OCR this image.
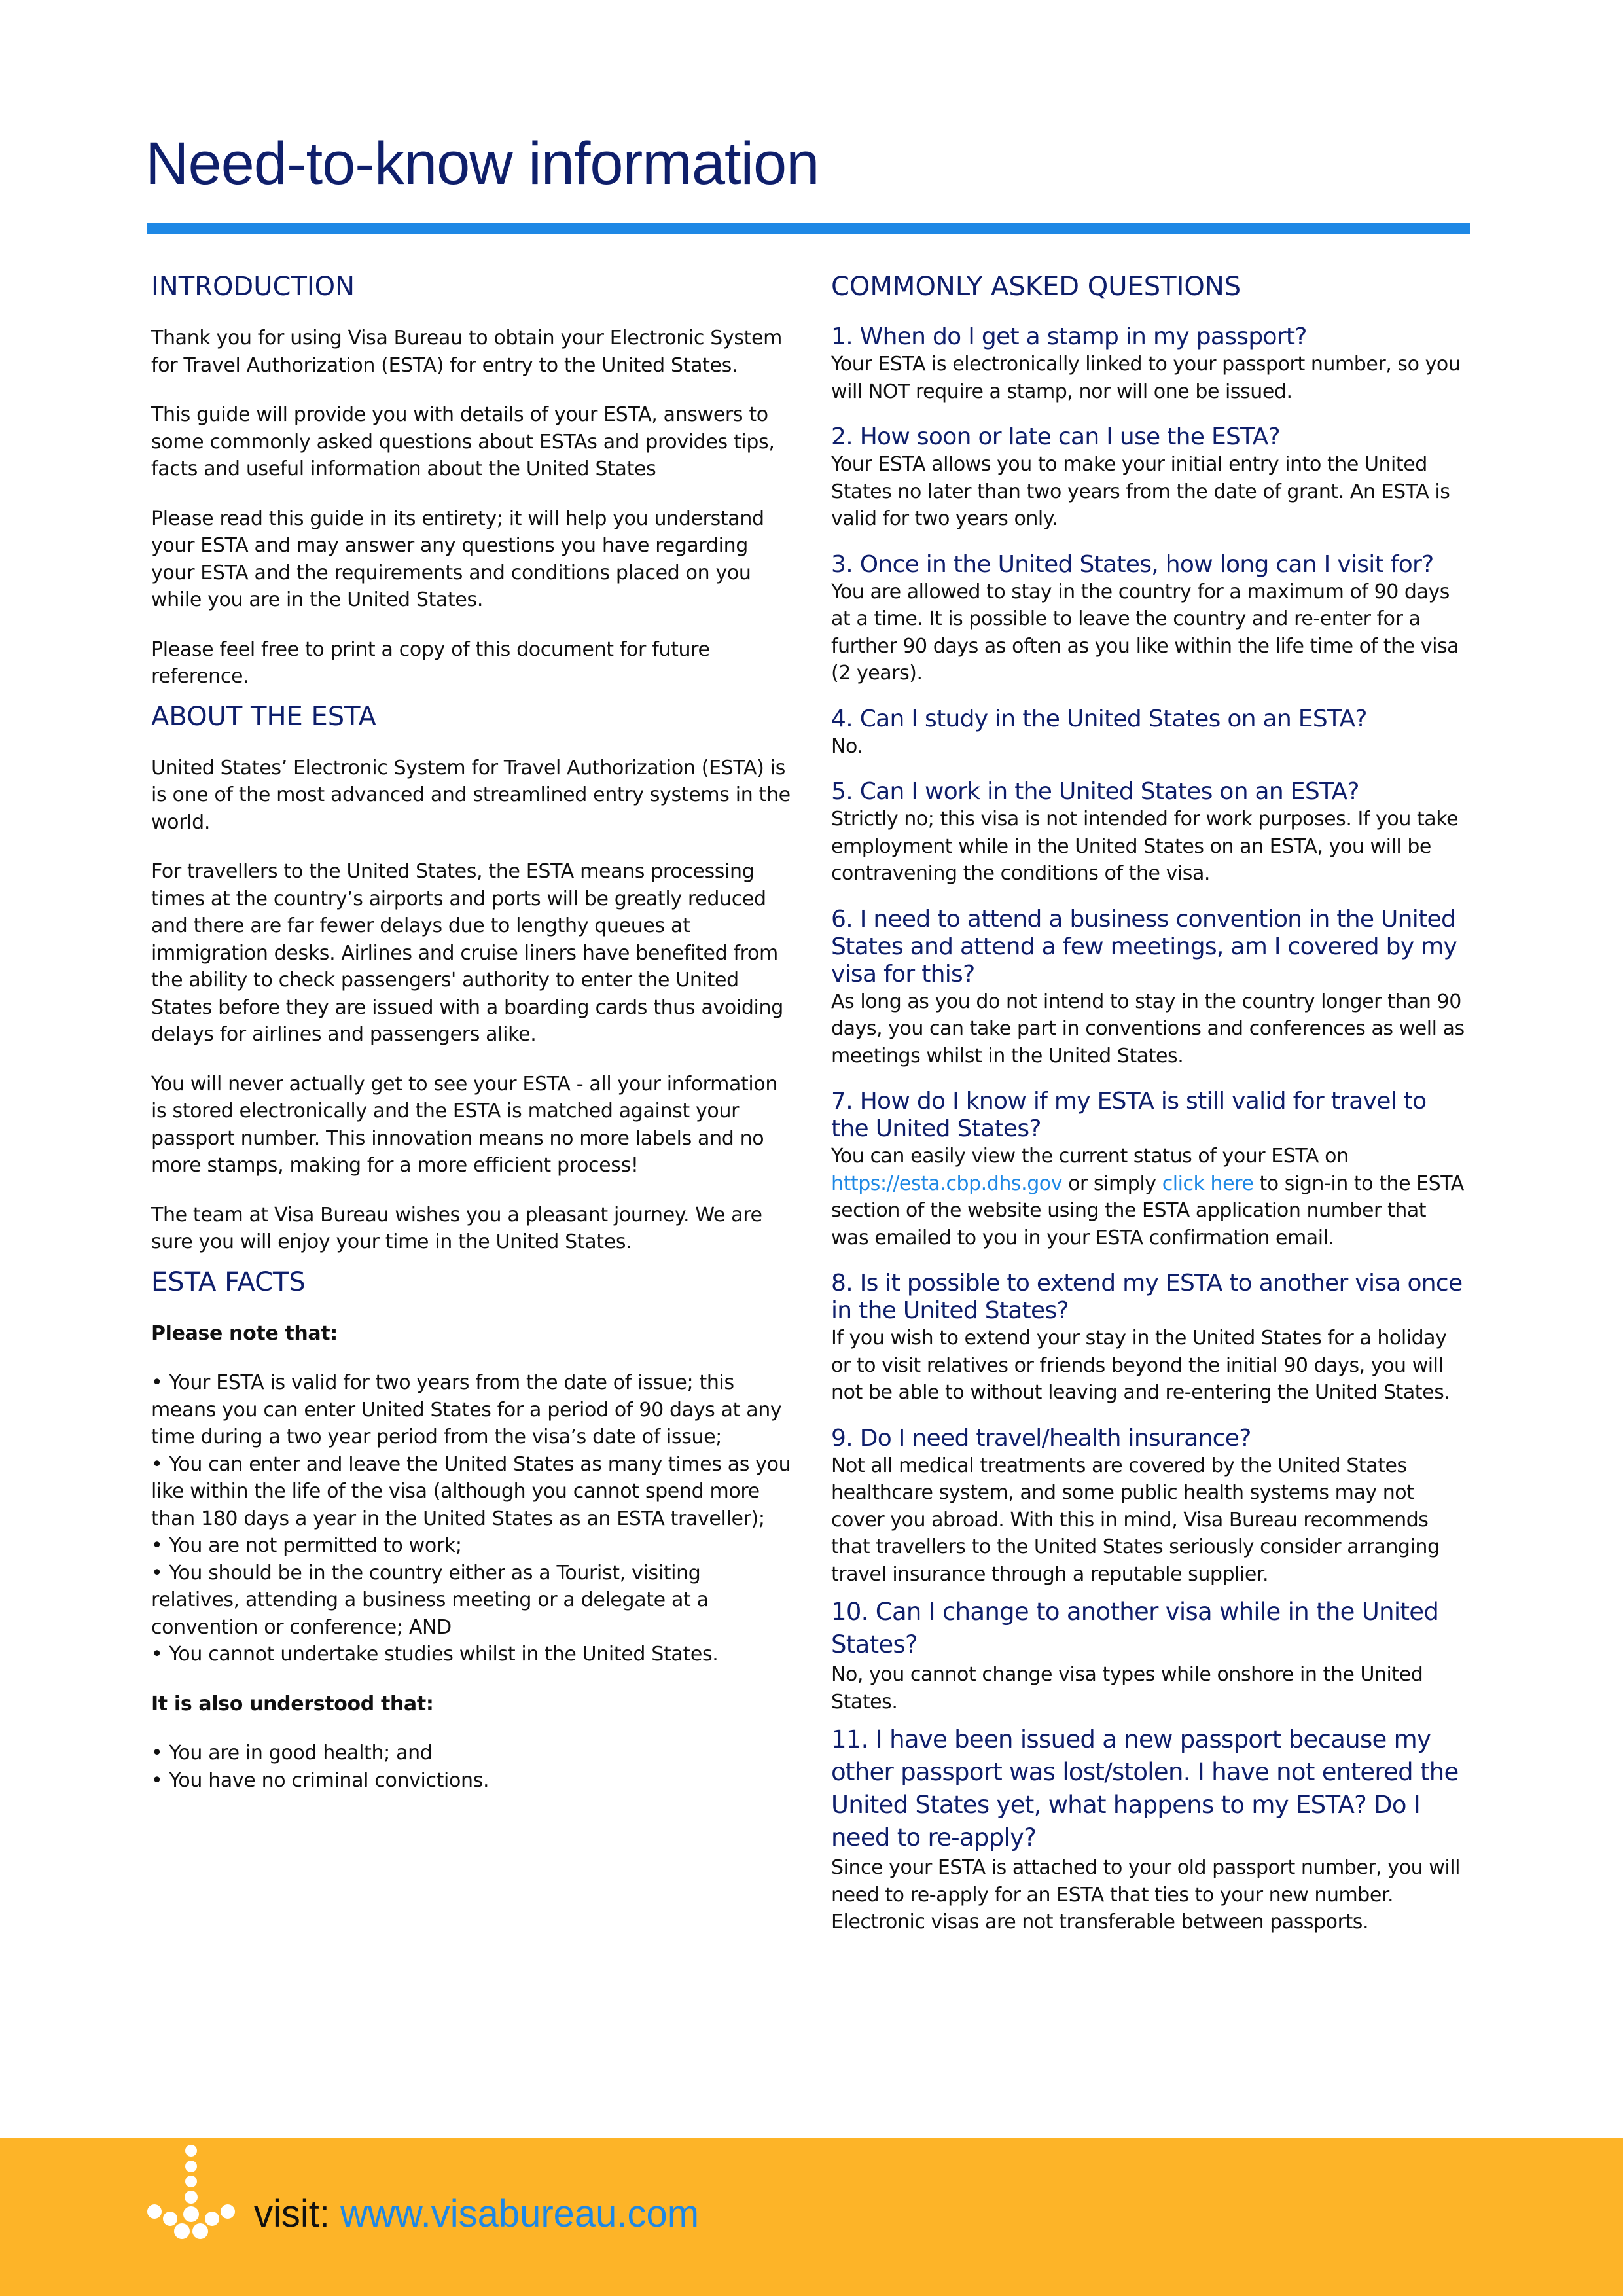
Need-to-know information
INTRODUCTION

Thank you for using Visa Bureau to obtain your Electronic System for Travel Authorization (ESTA) for entry to the United States.

This guide will provide you with details of your ESTA, answers to some commonly asked questions about ESTAs and provides tips, facts and useful information about the United States

Please read this guide in its entirety; it will help you understand your ESTA and may answer any questions you have regarding your ESTA and the requirements and conditions placed on you while you are in the United States.

Please feel free to print a copy of this document for future reference.

ABOUT THE ESTA

United States’ Electronic System for Travel Authorization (ESTA) is is one of the most advanced and streamlined entry systems in the world.

For travellers to the United States, the ESTA means processing times at the country’s airports and ports will be greatly reduced and there are far fewer delays due to lengthy queues at immigration desks. Airlines and cruise liners have benefited from the ability to check passengers' authority to enter the United States before they are issued with a boarding cards thus avoiding delays for airlines and passengers alike.

You will never actually get to see your ESTA - all your information is stored electronically and the ESTA is matched against your passport number. This innovation means no more labels and no more stamps, making for a more efficient process!

The team at Visa Bureau wishes you a pleasant journey. We are sure you will enjoy your time in the United States.

ESTA FACTS

Please note that:

• Your ESTA is valid for two years from the date of issue; this means you can enter United States for a period of 90 days at any time during a two year period from the visa’s date of issue;
• You can enter and leave the United States as many times as you like within the life of the visa (although you cannot spend more than 180 days a year in the United States as an ESTA traveller);
• You are not permitted to work;
• You should be in the country either as a Tourist, visiting relatives, attending a business meeting or a delegate at a convention or conference; AND
• You cannot undertake studies whilst in the United States.

It is also understood that:

• You are in good health; and
• You have no criminal convictions.
COMMONLY ASKED QUESTIONS
1. When do I get a stamp in my passport?

Your ESTA is electronically linked to your passport number, so you will NOT require a stamp, nor will one be issued.

2. How soon or late can I use the ESTA?

Your ESTA allows you to make your initial entry into the United States no later than two years from the date of grant. An ESTA is valid for two years only.

3. Once in the United States, how long can I visit for?

You are allowed to stay in the country for a maximum of 90 days at a time. It is possible to leave the country and re-enter for a further 90 days as often as you like within the life time of the visa (2 years).

4. Can I study in the United States on an ESTA?

No.

5. Can I work in the United States on an ESTA?

Strictly no; this visa is not intended for work purposes. If you take employment while in the United States on an ESTA, you will be contravening the conditions of the visa.

6. I need to attend a business convention in the United States and attend a few meetings, am I covered by my visa for this?

As long as you do not intend to stay in the country longer than 90 days, you can take part in conventions and conferences as well as meetings whilst in the United States.

7. How do I know if my ESTA is still valid for travel to the United States?

You can easily view the current status of your ESTA on https://esta.cbp.dhs.gov or simply click here to sign-in to the ESTA section of the website using the ESTA application number that was emailed to you in your ESTA confirmation email.

8. Is it possible to extend my ESTA to another visa once in the United States?

If you wish to extend your stay in the United States for a holiday or to visit relatives or friends beyond the initial 90 days, you will not be able to without leaving and re-entering the United States.

9. Do I need travel/health insurance?

Not all medical treatments are covered by the United States healthcare system, and some public health systems may not cover you abroad. With this in mind, Visa Bureau recommends that travellers to the United States seriously consider arranging travel insurance through a reputable supplier.

10. Can I change to another visa while in the United States?

No, you cannot change visa types while onshore in the United States.

11. I have been issued a new passport because my other passport was lost/stolen. I have not entered the United States yet, what happens to my ESTA? Do I need to re-apply?

Since your ESTA is attached to your old passport number, you will need to re-apply for an ESTA that ties to your new number. Electronic visas are not transferable between passports.

visit: www.visabureau.com
